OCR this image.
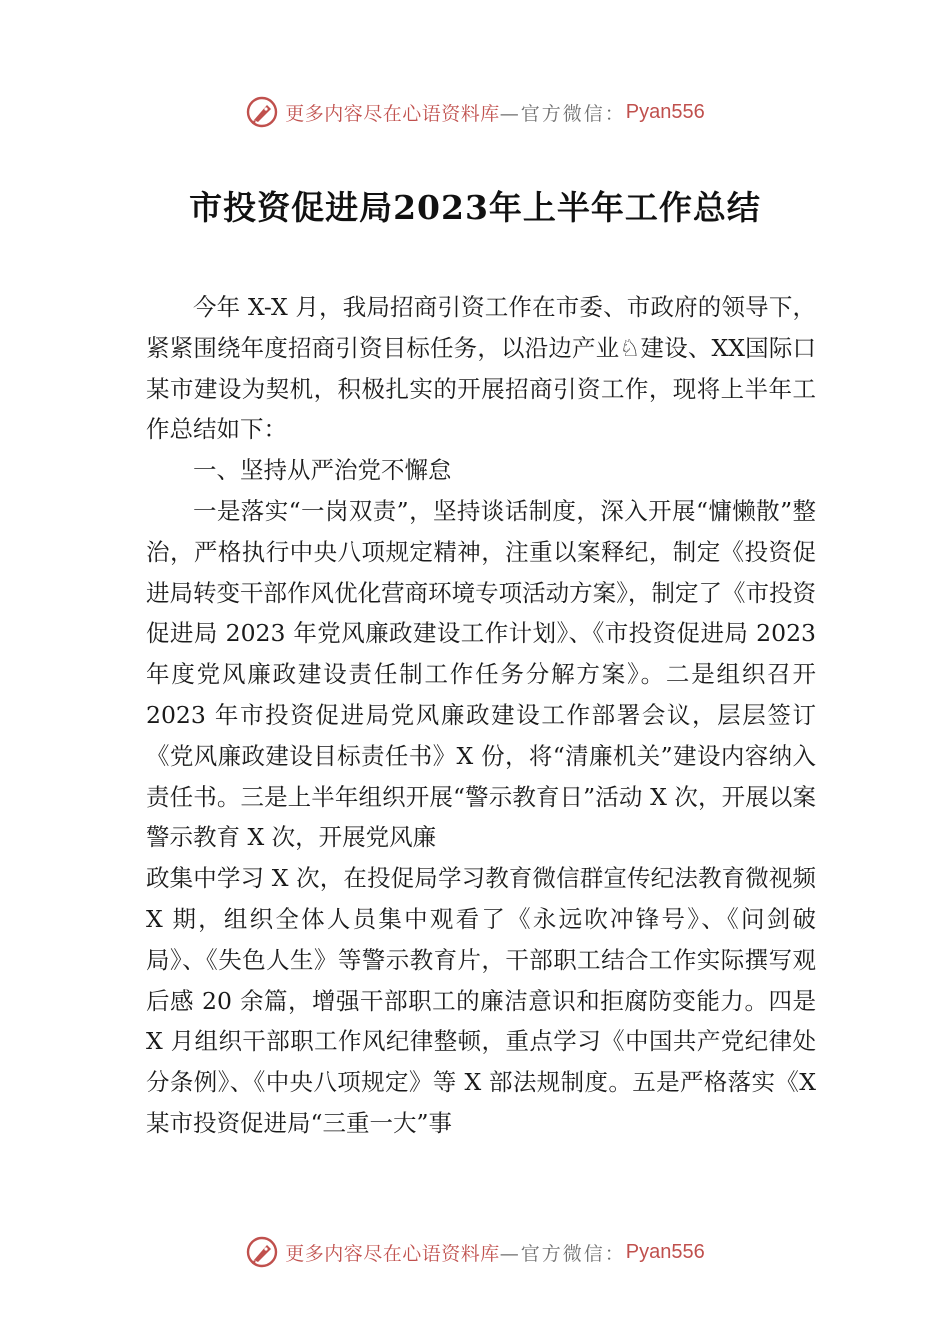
更多内容尽在心语资料库 —官方微信： Pyan556
市投资促进局2023年上半年工作总结

今年 X-X 月，我局招商引资工作在市委、市政府的领导下，紧紧围绕年度招商引资目标任务，以沿边产业♘建设、XX国际口某市建设为契机，积极扎实的开展招商引资工作，现将上半年工作总结如下：

一、坚持从严治党不懈怠

一是落实“一岗双责”，坚持谈话制度，深入开展“慵懒散”整治，严格执行中央八项规定精神，注重以案释纪，制定《投资促进局转变干部作风优化营商环境专项活动方案》，制定了《市投资促进局 2023 年党风廉政建设工作计划》、《市投资促进局 2023 年度党风廉政建设责任制工作任务分解方案》。二是组织召开 2023 年市投资促进局党风廉政建设工作部署会议，层层签订《党风廉政建设目标责任书》X 份，将“清廉机关”建设内容纳入责任书。三是上半年组织开展“警示教育日”活动 X 次，开展以案警示教育 X 次，开展党风廉

政集中学习 X 次，在投促局学习教育微信群宣传纪法教育微视频 X 期，组织全体人员集中观看了《永远吹冲锋号》、《问剑破局》、《失色人生》等警示教育片，干部职工结合工作实际撰写观后感 20 余篇，增强干部职工的廉洁意识和拒腐防变能力。四是 X 月组织干部职工作风纪律整顿，重点学习《中国共产党纪律处分条例》、《中央八项规定》等 X 部法规制度。五是严格落实《X某市投资促进局“三重一大”事

更多内容尽在心语资料库 —官方微信： Pyan556
